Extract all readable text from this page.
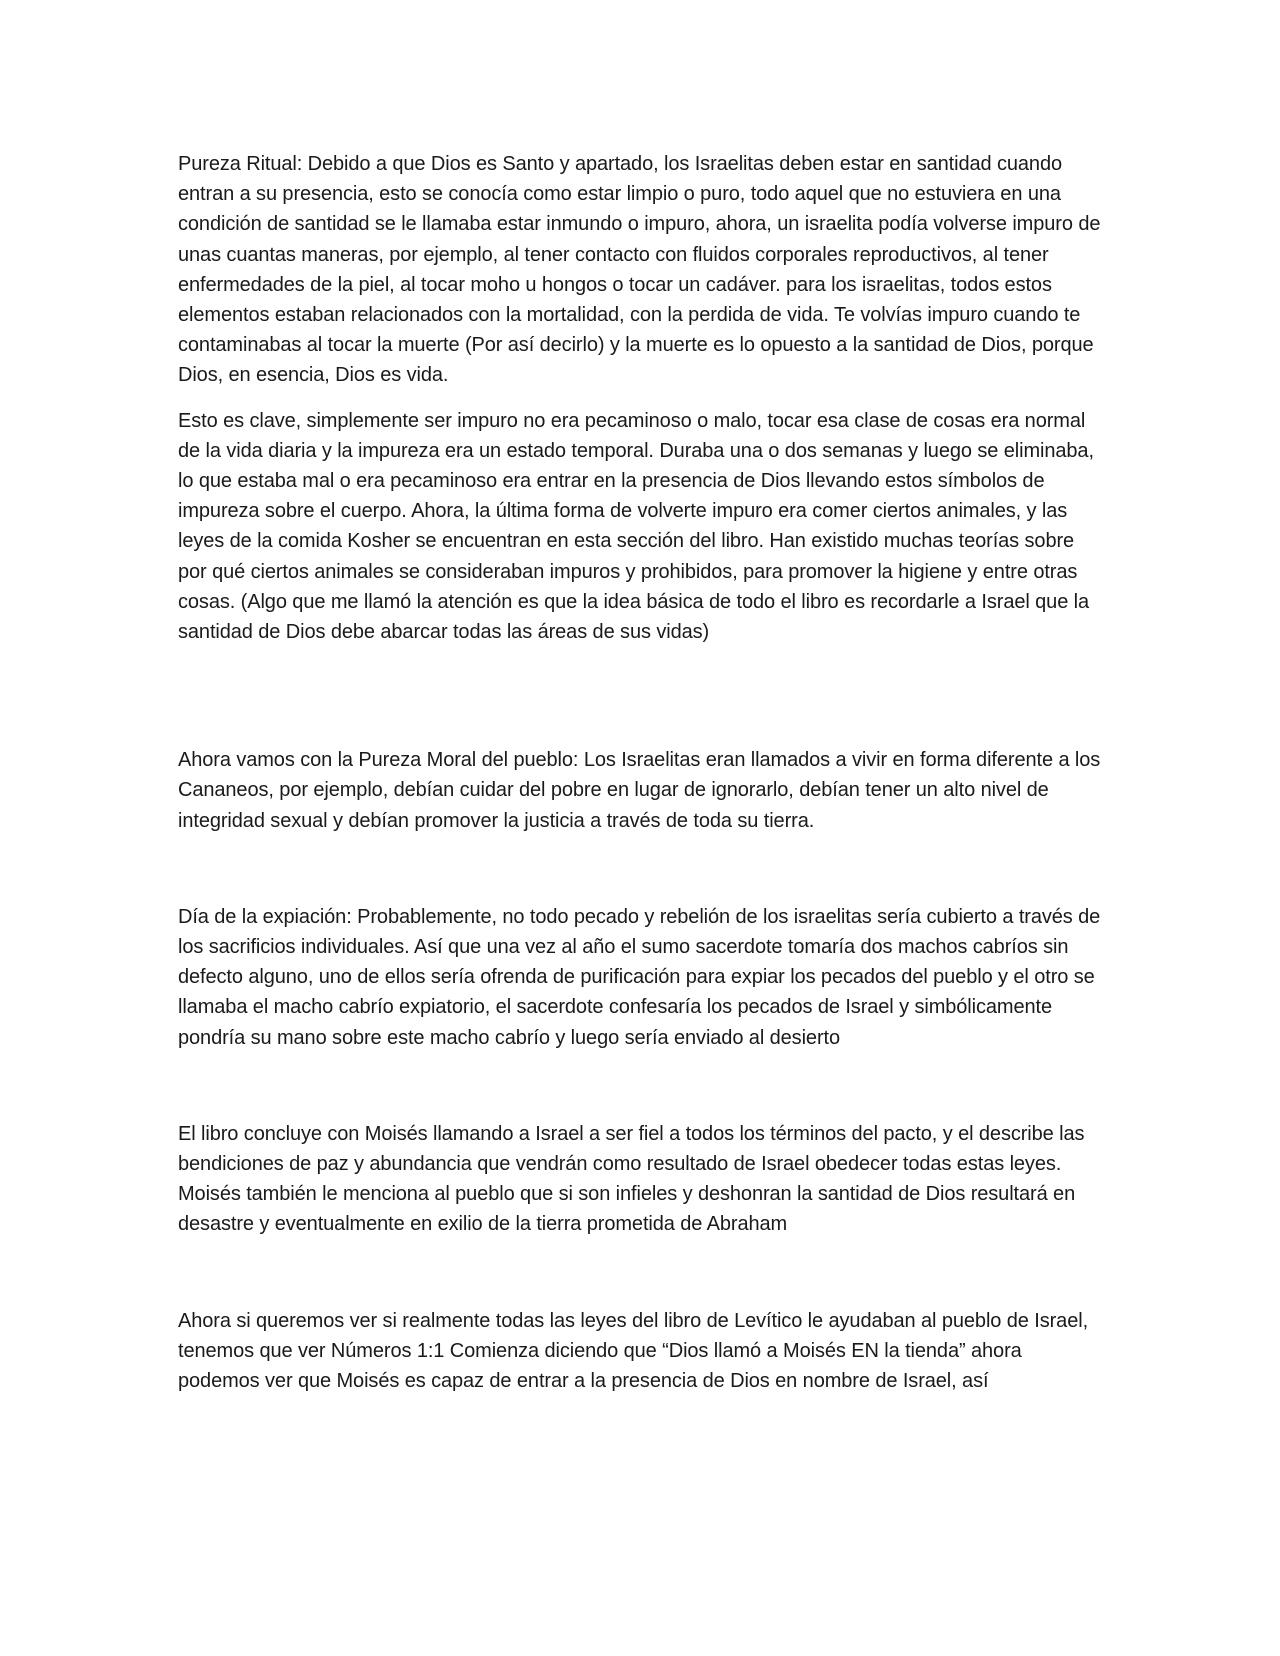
Pureza Ritual: Debido a que Dios es Santo y apartado, los Israelitas deben estar en santidad cuando entran a su presencia, esto se conocía como estar limpio o puro, todo aquel que no estuviera en una condición de santidad se le llamaba estar inmundo o impuro, ahora, un israelita podía volverse impuro de unas cuantas maneras, por ejemplo, al tener contacto con fluidos corporales reproductivos, al tener enfermedades de la piel, al tocar moho u hongos o tocar un cadáver. para los israelitas, todos estos elementos estaban relacionados con la mortalidad, con la perdida de vida. Te volvías impuro cuando te contaminabas al tocar la muerte (Por así decirlo) y la muerte es lo opuesto a la santidad de Dios, porque Dios, en esencia, Dios es vida.

Esto es clave, simplemente ser impuro no era pecaminoso o malo, tocar esa clase de cosas era normal de la vida diaria y la impureza era un estado temporal. Duraba una o dos semanas y luego se eliminaba, lo que estaba mal o era pecaminoso era entrar en la presencia de Dios llevando estos símbolos de impureza sobre el cuerpo. Ahora, la última forma de volverte impuro era comer ciertos animales, y las leyes de la comida Kosher se encuentran en esta sección del libro. Han existido muchas teorías sobre por qué ciertos animales se consideraban impuros y prohibidos, para promover la higiene y entre otras cosas. (Algo que me llamó la atención es que la idea básica de todo el libro es recordarle a Israel que la santidad de Dios debe abarcar todas las áreas de sus vidas)

Ahora vamos con la Pureza Moral del pueblo: Los Israelitas eran llamados a vivir en forma diferente a los Cananeos, por ejemplo, debían cuidar del pobre en lugar de ignorarlo, debían tener un alto nivel de integridad sexual y debían promover la justicia a través de toda su tierra.

Día de la expiación: Probablemente, no todo pecado y rebelión de los israelitas sería cubierto a través de los sacrificios individuales. Así que una vez al año el sumo sacerdote tomaría dos machos cabríos sin defecto alguno, uno de ellos sería ofrenda de purificación para expiar los pecados del pueblo y el otro se llamaba el macho cabrío expiatorio, el sacerdote confesaría los pecados de Israel y simbólicamente pondría su mano sobre este macho cabrío y luego sería enviado al desierto

El libro concluye con Moisés llamando a Israel a ser fiel a todos los términos del pacto, y el describe las bendiciones de paz y abundancia que vendrán como resultado de Israel obedecer todas estas leyes. Moisés también le menciona al pueblo que si son infieles y deshonran la santidad de Dios resultará en desastre y eventualmente en exilio de la tierra prometida de Abraham

Ahora si queremos ver si realmente todas las leyes del libro de Levítico le ayudaban al pueblo de Israel, tenemos que ver Números 1:1 Comienza diciendo que “Dios llamó a Moisés EN la tienda” ahora podemos ver que Moisés es capaz de entrar a la presencia de Dios en nombre de Israel, así
